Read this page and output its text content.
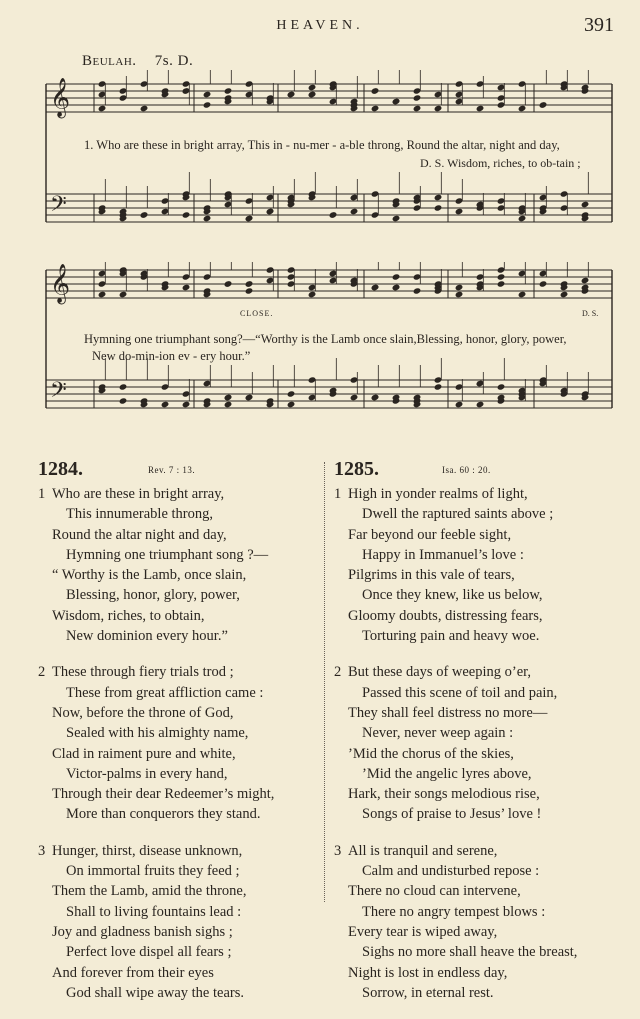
HEAVEN.	391
Beulah. 7s. D.
𝄞
𝄢
1. Who are these in bright array, This in - nu-mer - a-ble throng, Round the altar, night and day,
D. S. Wisdom, riches, to ob-tain ;
𝄞
𝄢
CLOSE.	D. S.
Hymning one triumphant song?—“Worthy is the Lamb once slain,Blessing, honor, glory, power,
New do-min-ion ev - ery hour.”
1284.	Rev. 7 : 13.
1 Who are these in bright array,
This innumerable throng,
Round the altar night and day,
Hymning one triumphant song ?—
“ Worthy is the Lamb, once slain,
Blessing, honor, glory, power,
Wisdom, riches, to obtain,
New dominion every hour.”
2 These through fiery trials trod ;
These from great affliction came :
Now, before the throne of God,
Sealed with his almighty name,
Clad in raiment pure and white,
Victor-palms in every hand,
Through their dear Redeemer’s might,
More than conquerors they stand.
3 Hunger, thirst, disease unknown,
On immortal fruits they feed ;
Them the Lamb, amid the throne,
Shall to living fountains lead :
Joy and gladness banish sighs ;
Perfect love dispel all fears ;
And forever from their eyes
God shall wipe away the tears.
1285.	Isa. 60 : 20.
1 High in yonder realms of light,
Dwell the raptured saints above ;
Far beyond our feeble sight,
Happy in Immanuel’s love :
Pilgrims in this vale of tears,
Once they knew, like us below,
Gloomy doubts, distressing fears,
Torturing pain and heavy woe.
2 But these days of weeping o’er,
Passed this scene of toil and pain,
They shall feel distress no more—
Never, never weep again :
’Mid the chorus of the skies,
’Mid the angelic lyres above,
Hark, their songs melodious rise,
Songs of praise to Jesus’ love !
3 All is tranquil and serene,
Calm and undisturbed repose :
There no cloud can intervene,
There no angry tempest blows :
Every tear is wiped away,
Sighs no more shall heave the breast,
Night is lost in endless day,
Sorrow, in eternal rest.
